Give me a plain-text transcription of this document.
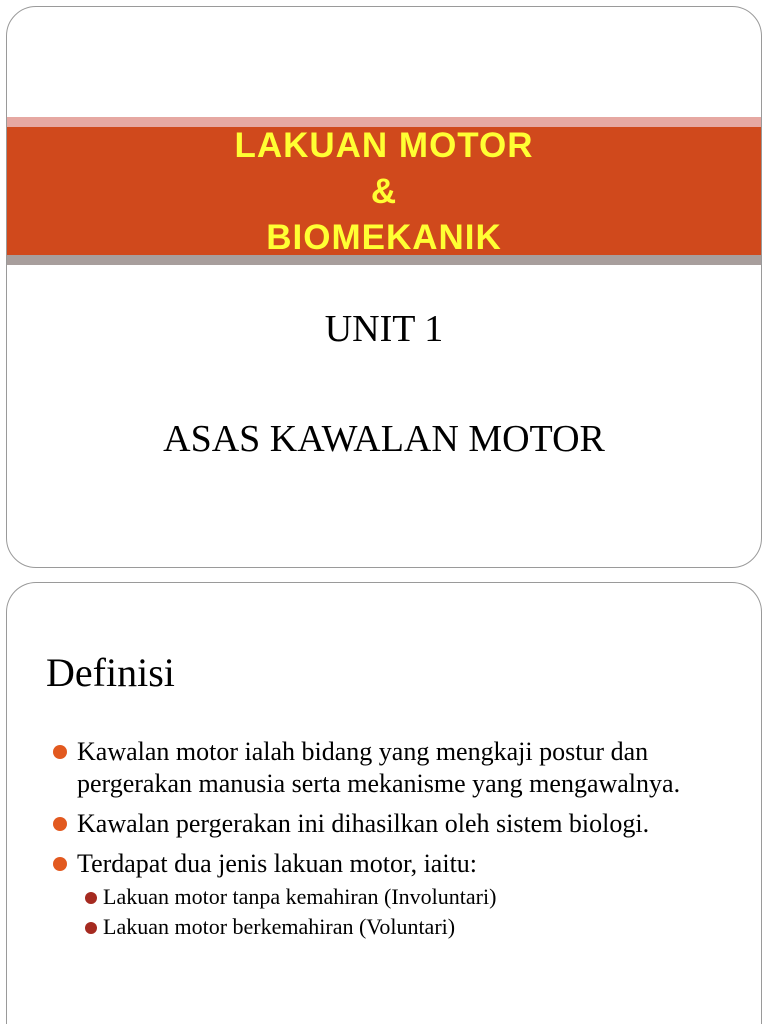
LAKUAN MOTOR
&
BIOMEKANIK
UNIT 1
ASAS KAWALAN MOTOR
Definisi
Kawalan motor ialah bidang yang mengkaji postur dan pergerakan manusia serta mekanisme yang mengawalnya.
Kawalan pergerakan ini dihasilkan oleh sistem biologi.
Terdapat dua jenis lakuan motor, iaitu:
Lakuan motor tanpa kemahiran (Involuntari)
Lakuan motor berkemahiran (Voluntari)
